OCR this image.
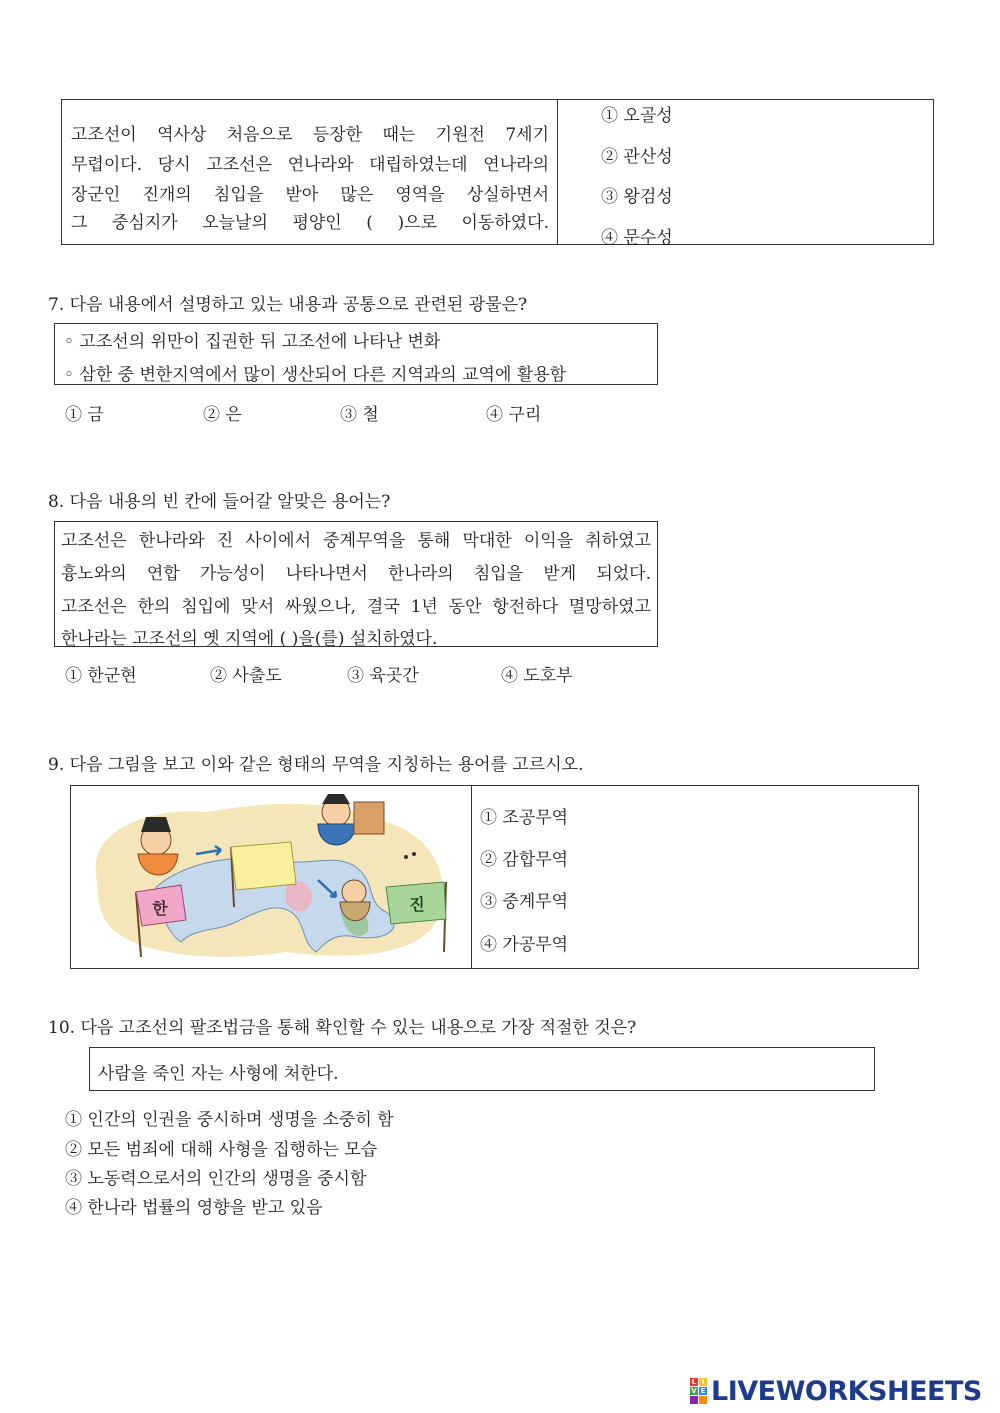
고조선이 역사상 처음으로 등장한 때는 기원전 7세기
무렵이다. 당시 고조선은 연나라와 대립하였는데 연나라의
장군인 진개의 침입을 받아 많은 영역을 상실하면서
그 중심지가 오늘날의 평양인 ( )으로 이동하였다.
① 오골성
② 관산성
③ 왕검성
④ 문수성
7. 다음 내용에서 설명하고 있는 내용과 공통으로 관련된 광물은?
◦ 고조선의 위만이 집권한 뒤 고조선에 나타난 변화
◦ 삼한 중 변한지역에서 많이 생산되어 다른 지역과의 교역에 활용함
① 금	② 은	③ 철	④ 구리
8. 다음 내용의 빈 칸에 들어갈 알맞은 용어는?
고조선은 한나라와 진 사이에서 중계무역을 통해 막대한 이익을 취하였고
흉노와의 연합 가능성이 나타나면서 한나라의 침입을 받게 되었다.
고조선은 한의 침입에 맞서 싸웠으나, 결국 1년 동안 항전하다 멸망하였고
한나라는 고조선의 옛 지역에 ( )을(를) 설치하였다.
① 한군현	② 사출도	③ 육곳간	④ 도호부
9. 다음 그림을 보고 이와 같은 형태의 무역을 지칭하는 용어를 고르시오.
한	진
① 조공무역
② 감합무역
③ 중계무역
④ 가공무역
10. 다음 고조선의 팔조법금을 통해 확인할 수 있는 내용으로 가장 적절한 것은?
사람을 죽인 자는 사형에 처한다.
① 인간의 인권을 중시하며 생명을 소중히 함
② 모든 범죄에 대해 사형을 집행하는 모습
③ 노동력으로서의 인간의 생명을 중시함
④ 한나라 법률의 영향을 받고 있음
L I
V E LIVEWORKSHEETS
